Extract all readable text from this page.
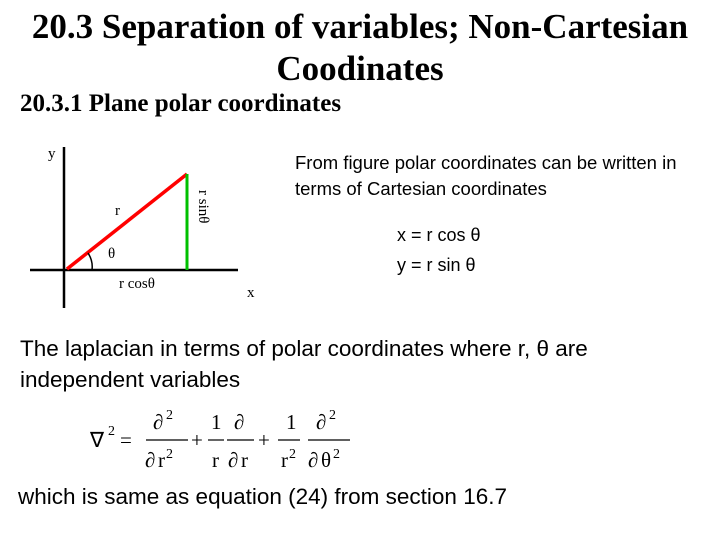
20.3 Separation of variables; Non-Cartesian Coodinates
20.3.1 Plane polar coordinates
y
x
r
θ
r cosθ
r sinθ
From figure polar coordinates can be written in terms of Cartesian coordinates
x = r cos θ
y = r sin θ
The laplacian in terms of polar coordinates where r, θ are independent variables
∇ 2 =
∂ 2
∂ r 2
+
1
r
∂
∂ r
+
1
r 2
∂ 2
∂ θ 2
which is same as equation (24) from section 16.7
